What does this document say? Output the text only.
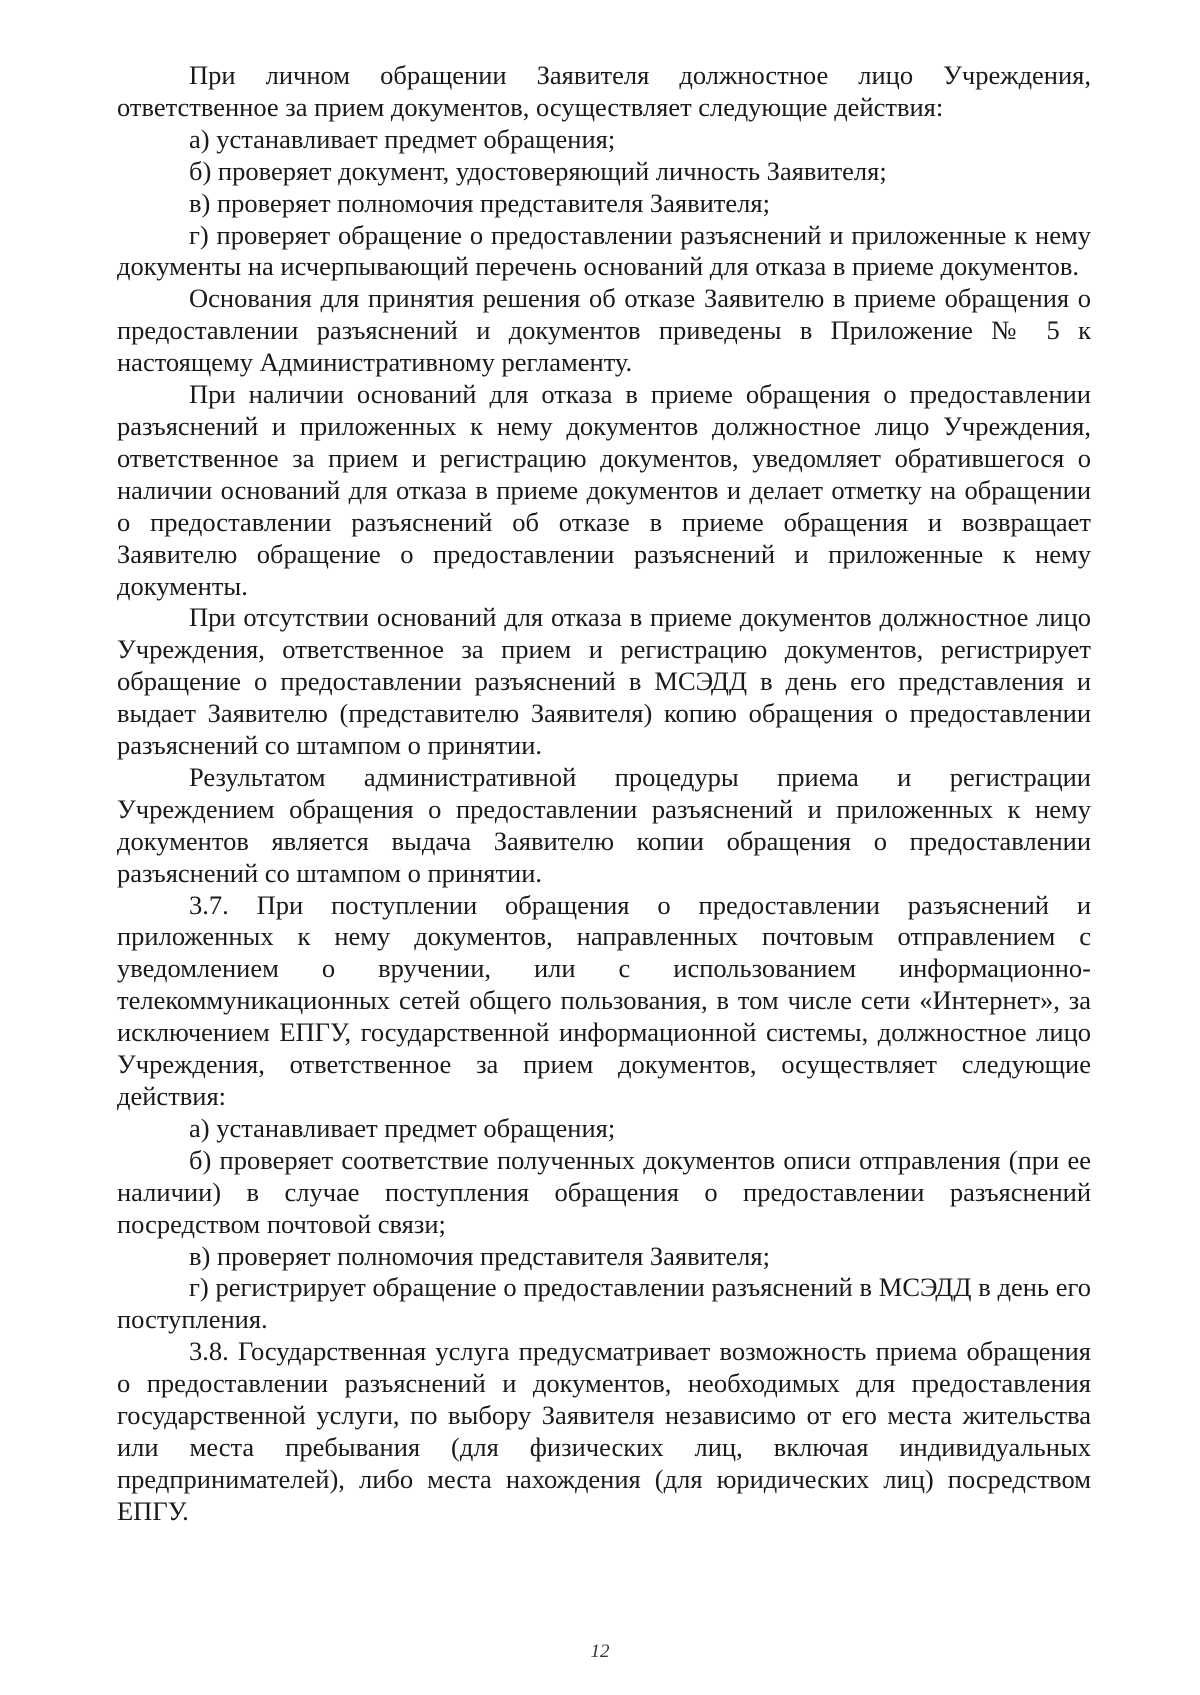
При личном обращении Заявителя должностное лицо Учреждения, ответственное за прием документов, осуществляет следующие действия:

а) устанавливает предмет обращения;

б) проверяет документ, удостоверяющий личность Заявителя;

в) проверяет полномочия представителя Заявителя;

г) проверяет обращение о предоставлении разъяснений и приложенные к нему документы на исчерпывающий перечень оснований для отказа в приеме документов.

Основания для принятия решения об отказе Заявителю в приеме обращения о предоставлении разъяснений и документов приведены в Приложение № 5 к настоящему Административному регламенту.

При наличии оснований для отказа в приеме обращения о предоставлении разъяснений и приложенных к нему документов должностное лицо Учреждения, ответственное за прием и регистрацию документов, уведомляет обратившегося о наличии оснований для отказа в приеме документов и делает отметку на обращении о предоставлении разъяснений об отказе в приеме обращения и возвращает Заявителю обращение о предоставлении разъяснений и приложенные к нему документы.

При отсутствии оснований для отказа в приеме документов должностное лицо Учреждения, ответственное за прием и регистрацию документов, регистрирует обращение о предоставлении разъяснений в МСЭДД в день его представления и выдает Заявителю (представителю Заявителя) копию обращения о предоставлении разъяснений со штампом о принятии.

Результатом административной процедуры приема и регистрации Учреждением обращения о предоставлении разъяснений и приложенных к нему документов является выдача Заявителю копии обращения о предоставлении разъяснений со штампом о принятии.

3.7. При поступлении обращения о предоставлении разъяснений и приложенных к нему документов, направленных почтовым отправлением с уведомлением о вручении, или с использованием информационно-телекоммуникационных сетей общего пользования, в том числе сети «Интернет», за исключением ЕПГУ, государственной информационной системы, должностное лицо Учреждения, ответственное за прием документов, осуществляет следующие действия:

а) устанавливает предмет обращения;

б) проверяет соответствие полученных документов описи отправления (при ее наличии) в случае поступления обращения о предоставлении разъяснений посредством почтовой связи;

в) проверяет полномочия представителя Заявителя;

г) регистрирует обращение о предоставлении разъяснений в МСЭДД в день его поступления.

3.8. Государственная услуга предусматривает возможность приема обращения о предоставлении разъяснений и документов, необходимых для предоставления государственной услуги, по выбору Заявителя независимо от его места жительства или места пребывания (для физических лиц, включая индивидуальных предпринимателей), либо места нахождения (для юридических лиц) посредством ЕПГУ.

12
